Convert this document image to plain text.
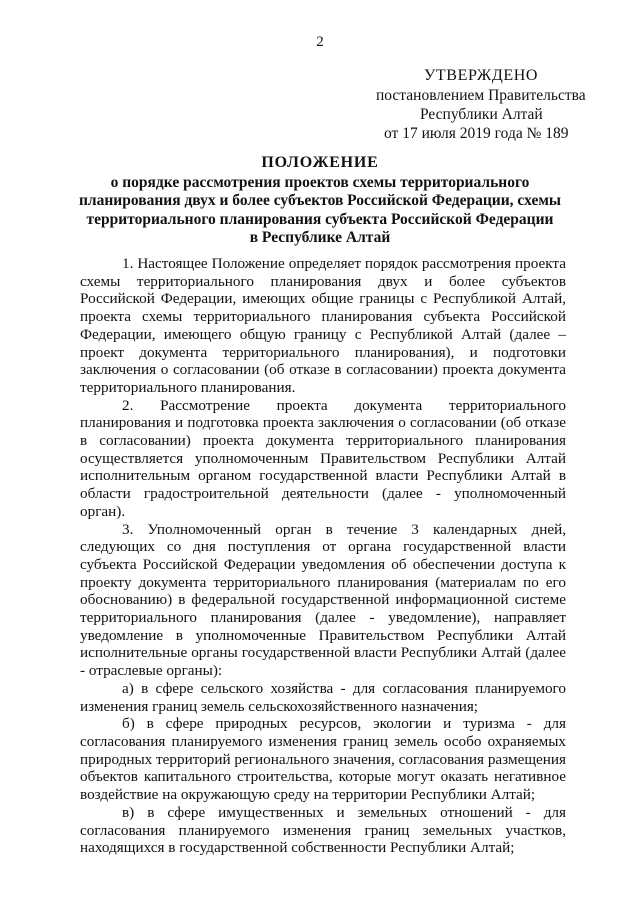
2
УТВЕРЖДЕНО
постановлением Правительства
Республики Алтай
от 17 июля 2019 года № 189
ПОЛОЖЕНИЕ
о порядке рассмотрения проектов схемы территориального
планирования двух и более субъектов Российской Федерации, схемы
территориального планирования субъекта Российской Федерации
в Республике Алтай

1. Настоящее Положение определяет порядок рассмотрения проекта схемы территориального планирования двух и более субъектов Российской Федерации, имеющих общие границы с Республикой Алтай, проекта схемы территориального планирования субъекта Российской Федерации, имеющего общую границу с Республикой Алтай (далее – проект документа территориального планирования), и подготовки заключения о согласовании (об отказе в согласовании) проекта документа территориального планирования.

2. Рассмотрение проекта документа территориального планирования и подготовка проекта заключения о согласовании (об отказе в согласовании) проекта документа территориального планирования осуществляется уполномоченным Правительством Республики Алтай исполнительным органом государственной власти Республики Алтай в области градостроительной деятельности (далее - уполномоченный орган).

3. Уполномоченный орган в течение 3 календарных дней, следующих со дня поступления от органа государственной власти субъекта Российской Федерации уведомления об обеспечении доступа к проекту документа территориального планирования (материалам по его обоснованию) в федеральной государственной информационной системе территориального планирования (далее - уведомление), направляет уведомление в уполномоченные Правительством Республики Алтай исполнительные органы государственной власти Республики Алтай (далее - отраслевые органы):

а) в сфере сельского хозяйства - для согласования планируемого изменения границ земель сельскохозяйственного назначения;

б) в сфере природных ресурсов, экологии и туризма - для согласования планируемого изменения границ земель особо охраняемых природных территорий регионального значения, согласования размещения объектов капитального строительства, которые могут оказать негативное воздействие на окружающую среду на территории Республики Алтай;

в) в сфере имущественных и земельных отношений - для согласования планируемого изменения границ земельных участков, находящихся в государственной собственности Республики Алтай;
